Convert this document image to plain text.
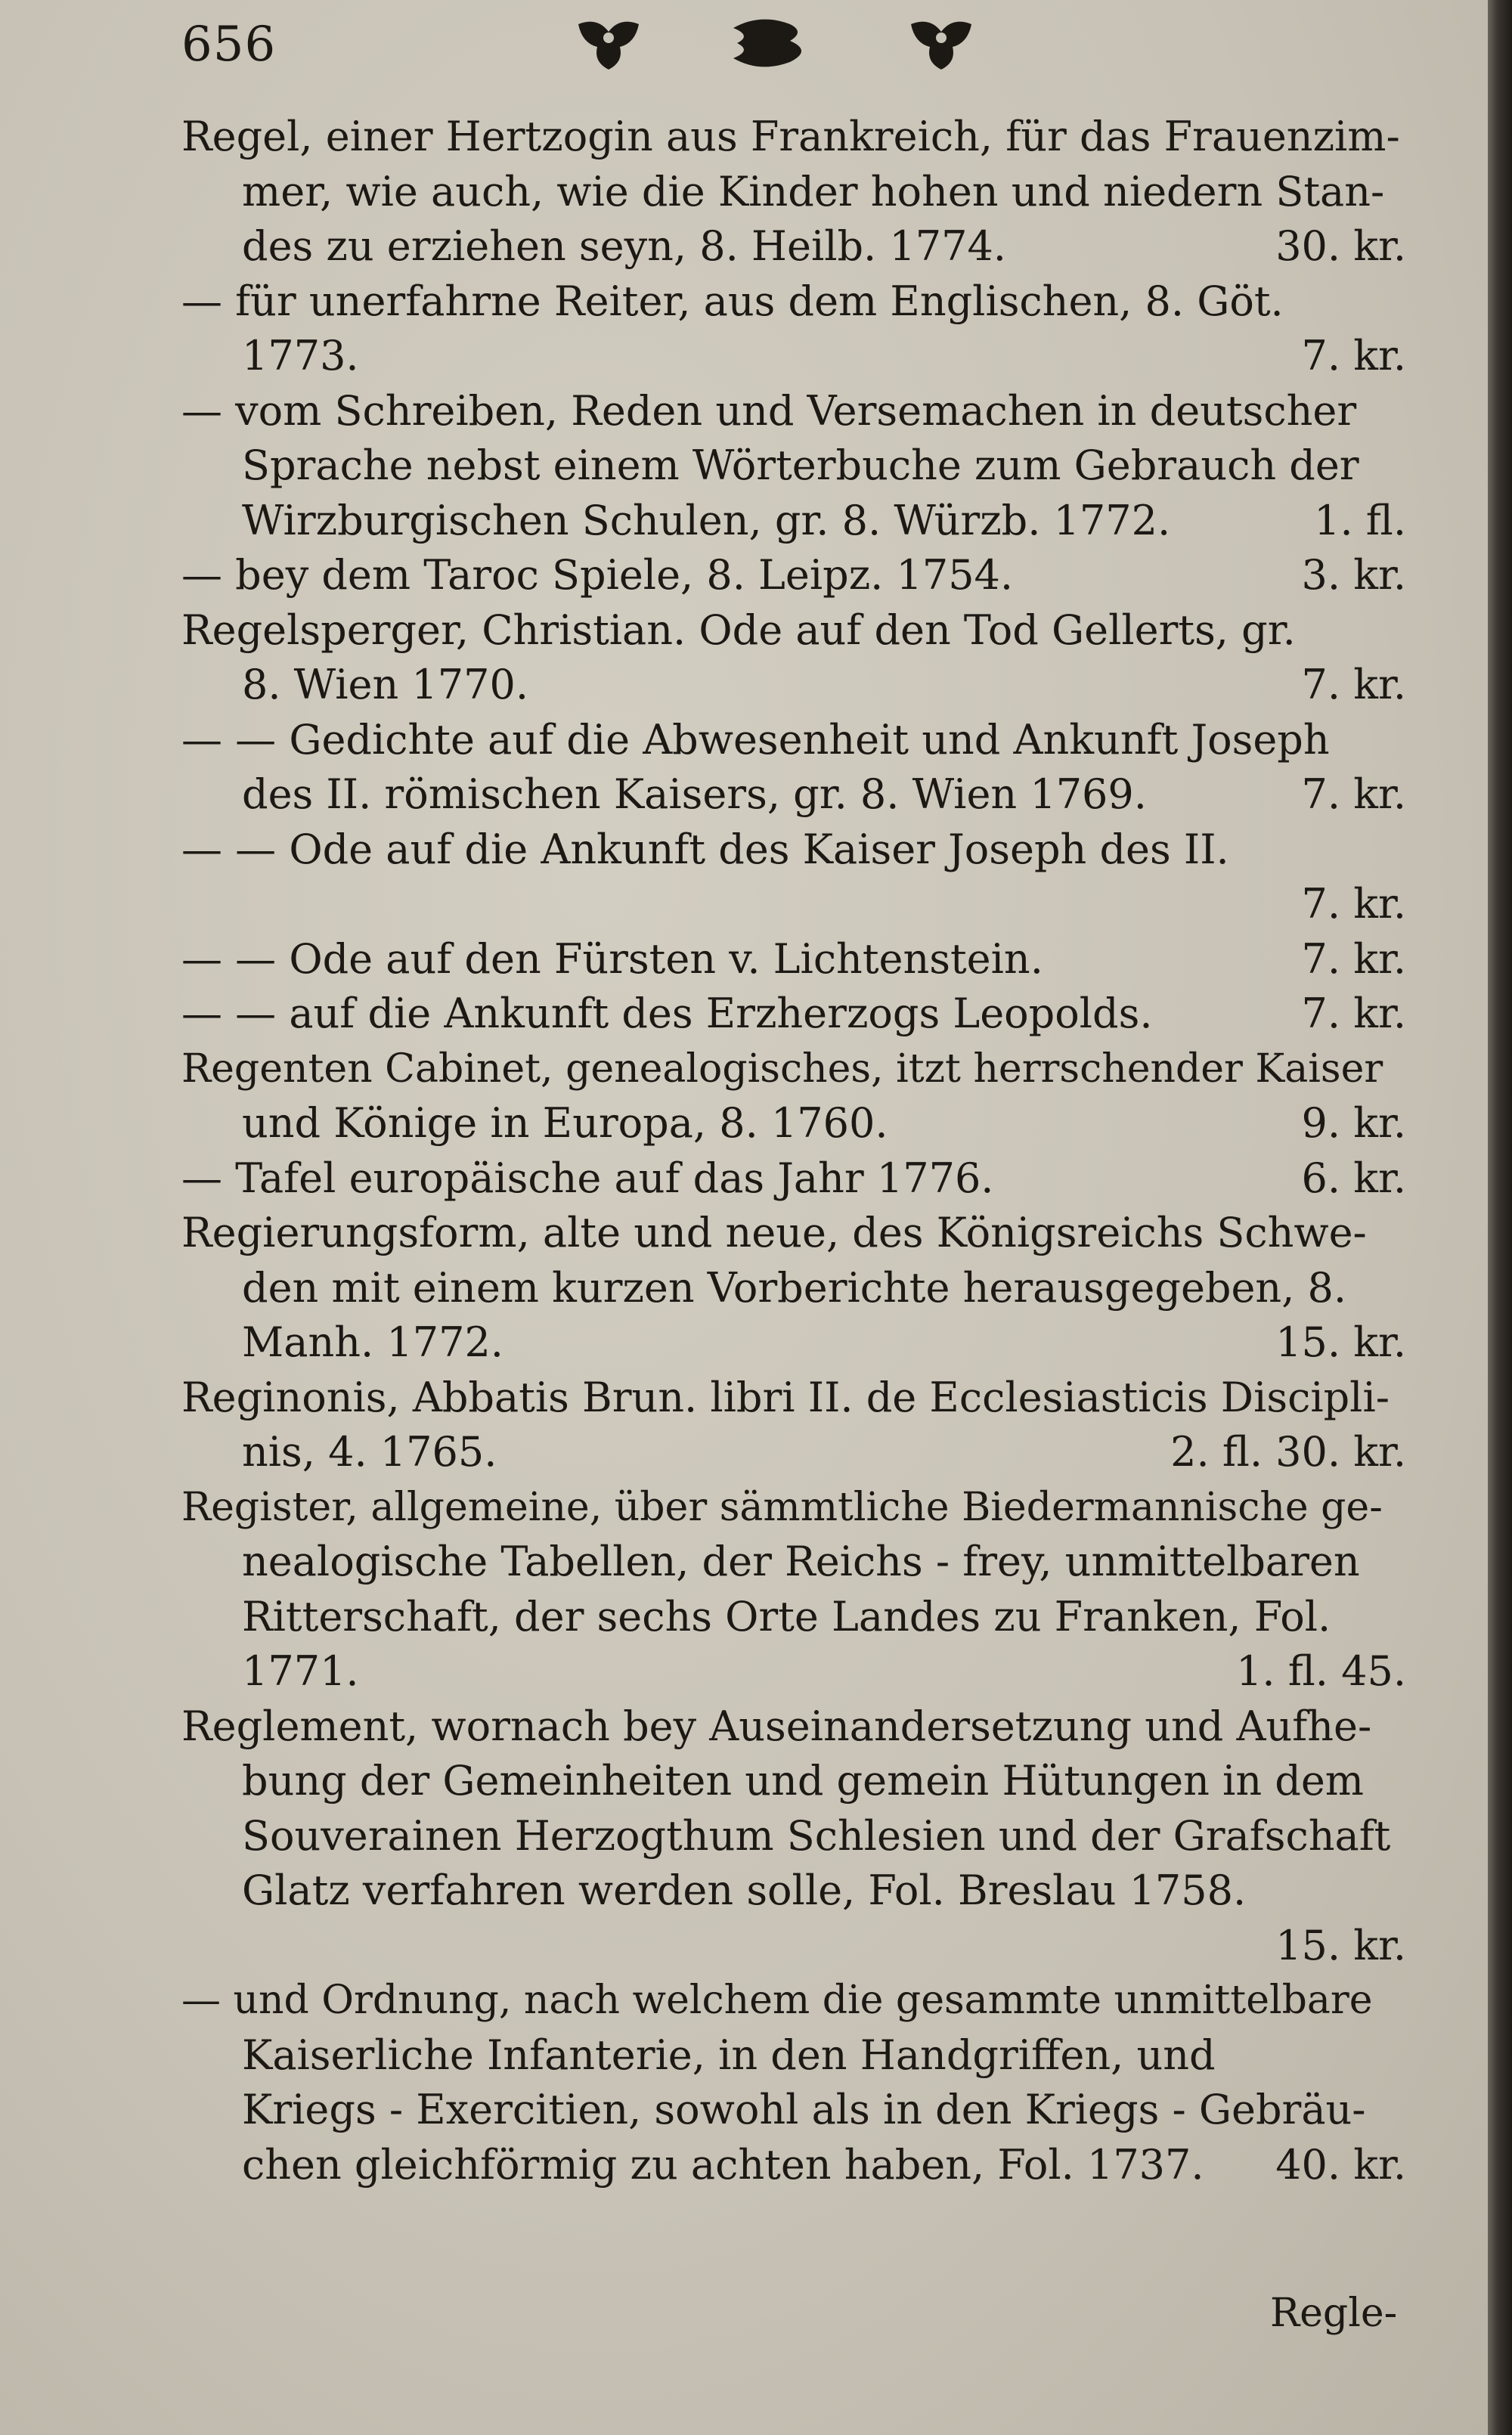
656
Regel, einer Hertzogin aus Frankreich, für das Frauenzim-
mer, wie auch, wie die Kinder hohen und niedern Stan-
des zu erziehen seyn, 8. Heilb. 1774.	30. kr.
— für unerfahrne Reiter, aus dem Englischen, 8. Göt.
1773.	7. kr.
— vom Schreiben, Reden und Versemachen in deutscher
Sprache nebst einem Wörterbuche zum Gebrauch der
Wirzburgischen Schulen, gr. 8. Würzb. 1772.	1. fl.
— bey dem Taroc Spiele, 8. Leipz. 1754.	3. kr.
Regelsperger, Christian. Ode auf den Tod Gellerts, gr.
8. Wien 1770.	7. kr.
— — Gedichte auf die Abwesenheit und Ankunft Joseph
des II. römischen Kaisers, gr. 8. Wien 1769.	7. kr.
— — Ode auf die Ankunft des Kaiser Joseph des II.
7. kr.
— — Ode auf den Fürsten v. Lichtenstein.	7. kr.
— — auf die Ankunft des Erzherzogs Leopolds.	7. kr.
Regenten Cabinet, genealogisches, itzt herrschender Kaiser
und Könige in Europa, 8. 1760.	9. kr.
— Tafel europäische auf das Jahr 1776.	6. kr.
Regierungsform, alte und neue, des Königsreichs Schwe-
den mit einem kurzen Vorberichte herausgegeben, 8.
Manh. 1772.	15. kr.
Reginonis, Abbatis Brun. libri II. de Ecclesiasticis Discipli-
nis, 4. 1765.	2. fl. 30. kr.
Register, allgemeine, über sämmtliche Biedermannische ge-
nealogische Tabellen, der Reichs - frey, unmittelbaren
Ritterschaft, der sechs Orte Landes zu Franken, Fol.
1771.	1. fl. 45.
Reglement, wornach bey Auseinandersetzung und Aufhe-
bung der Gemeinheiten und gemein Hütungen in dem
Souverainen Herzogthum Schlesien und der Grafschaft
Glatz verfahren werden solle, Fol. Breslau 1758.
15. kr.
— und Ordnung, nach welchem die gesammte unmittelbare
Kaiserliche Infanterie, in den Handgriffen, und
Kriegs - Exercitien, sowohl als in den Kriegs - Gebräu-
chen gleichförmig zu achten haben, Fol. 1737.	40. kr.
Regle-
